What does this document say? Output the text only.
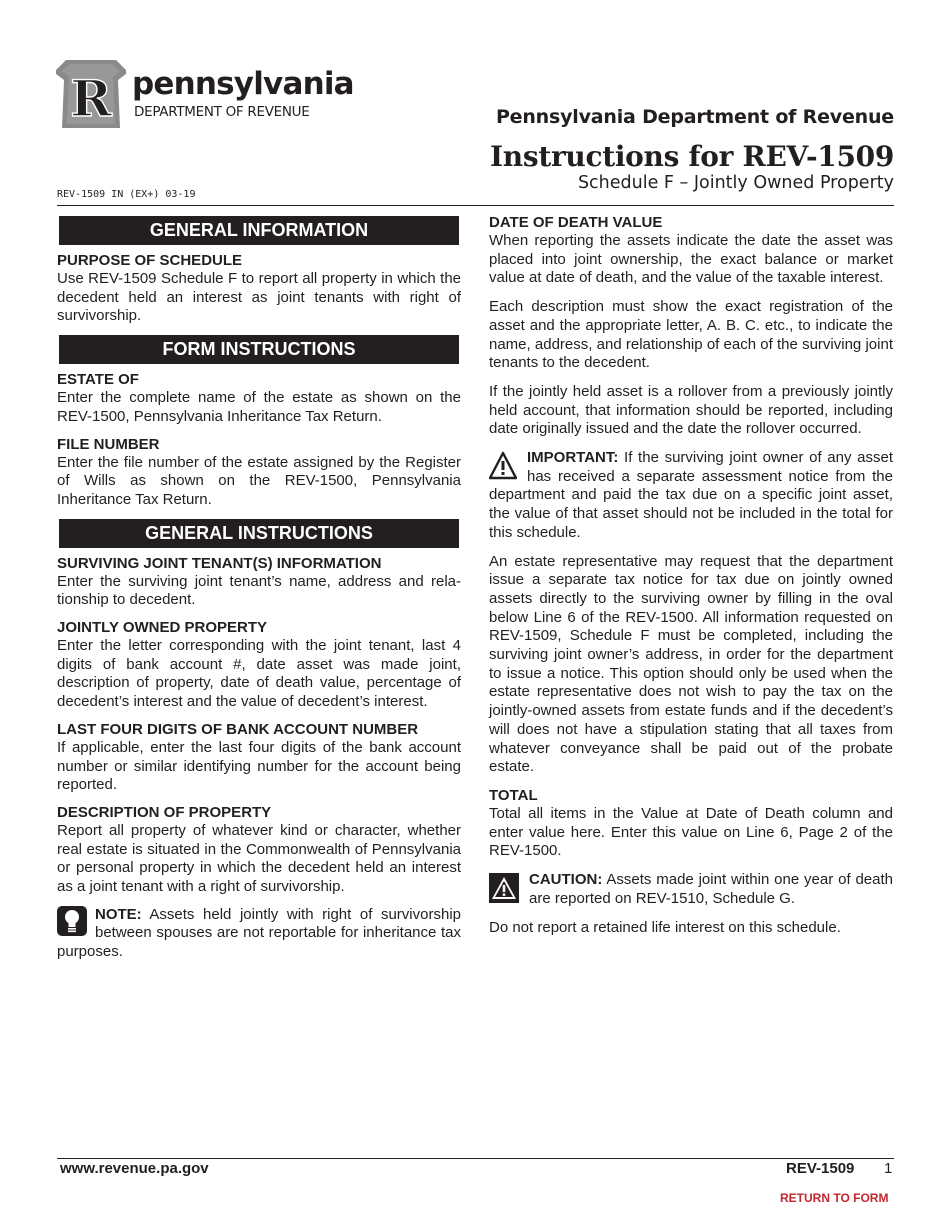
R pennsylvania
DEPARTMENT OF REVENUE	Pennsylvania Department of Revenue
Instructions for REV-1509
Schedule F – Jointly Owned Property
REV-1509 IN (EX+) 03-19
GENERAL INFORMATION
PURPOSE OF SCHEDULE
Use REV-1509 Schedule F to report all property in which the decedent held an interest as joint tenants with right of survivorship.
FORM INSTRUCTIONS
ESTATE OF
Enter the complete name of the estate as shown on the REV-1500, Pennsylvania Inheritance Tax Return.
FILE NUMBER
Enter the file number of the estate assigned by the Register of Wills as shown on the REV-1500, Pennsylvania Inheritance Tax Return.
GENERAL INSTRUCTIONS
SURVIVING JOINT TENANT(S) INFORMATION
Enter the surviving joint tenant’s name, address and relationship to decedent.
JOINTLY OWNED PROPERTY
Enter the letter corresponding with the joint tenant, last 4 digits of bank account #, date asset was made joint, description of property, date of death value, percentage of decedent’s interest and the value of decedent’s interest.
LAST FOUR DIGITS OF BANK ACCOUNT NUMBER
If applicable, enter the last four digits of the bank account number or similar identifying number for the account being reported.
DESCRIPTION OF PROPERTY
Report all property of whatever kind or character, whether real estate is situated in the Commonwealth of Pennsylvania or personal property in which the decedent held an interest as a joint tenant with a right of survivorship.
NOTE: Assets held jointly with right of survivorship between spouses are not reportable for inheritance tax purposes.
DATE OF DEATH VALUE
When reporting the assets indicate the date the asset was placed into joint ownership, the exact balance or market value at date of death, and the value of the taxable interest.
Each description must show the exact registration of the asset and the appropriate letter, A. B. C. etc., to indicate the name, address, and relationship of each of the surviving joint tenants to the decedent.
If the jointly held asset is a rollover from a previously jointly held account, that information should be reported, including date originally issued and the date the rollover occurred.
IMPORTANT: If the surviving joint owner of any asset has received a separate assessment notice from the department and paid the tax due on a specific joint asset, the value of that asset should not be included in the total for this schedule.
An estate representative may request that the department issue a separate tax notice for tax due on jointly owned assets directly to the surviving owner by filling in the oval below Line 6 of the REV-1500. All information requested on REV-1509, Schedule F must be completed, including the surviving joint owner’s address, in order for the department to issue a notice. This option should only be used when the estate representative does not wish to pay the tax on the jointly-owned assets from estate funds and if the decedent’s will does not have a stipulation stating that all taxes from whatever conveyance shall be paid out of the probate estate.
TOTAL
Total all items in the Value at Date of Death column and enter value here. Enter this value on Line 6, Page 2 of the REV-1500.
CAUTION: Assets made joint within one year of death are reported on REV-1510, Schedule G.
Do not report a retained life interest on this schedule.
www.revenue.pa.gov	REV-1509 1
RETURN TO FORM
